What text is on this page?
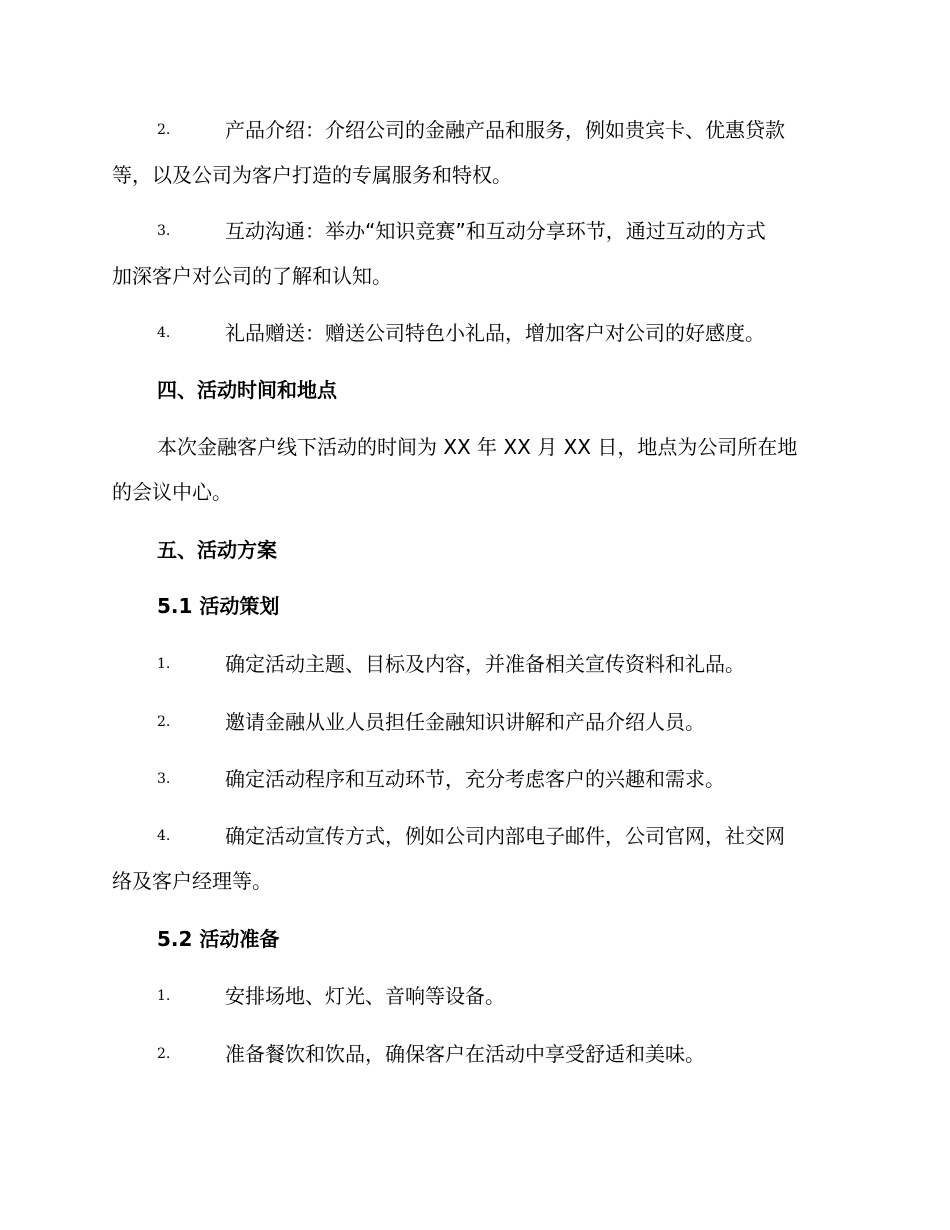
2.	产品介绍：介绍公司的金融产品和服务，例如贵宾卡、优惠贷款
等，以及公司为客户打造的专属服务和特权。
3.	互动沟通：举办“知识竞赛”和互动分享环节，通过互动的方式
加深客户对公司的了解和认知。
4.	礼品赠送：赠送公司特色小礼品，增加客户对公司的好感度。
四、活动时间和地点
本次金融客户线下活动的时间为 XX 年 XX 月 XX 日，地点为公司所在地
的会议中心。
五、活动方案
5.1 活动策划
1.	确定活动主题、目标及内容，并准备相关宣传资料和礼品。
2.	邀请金融从业人员担任金融知识讲解和产品介绍人员。
3.	确定活动程序和互动环节，充分考虑客户的兴趣和需求。
4.	确定活动宣传方式，例如公司内部电子邮件，公司官网，社交网
络及客户经理等。
5.2 活动准备
1.	安排场地、灯光、音响等设备。
2.	准备餐饮和饮品，确保客户在活动中享受舒适和美味。
